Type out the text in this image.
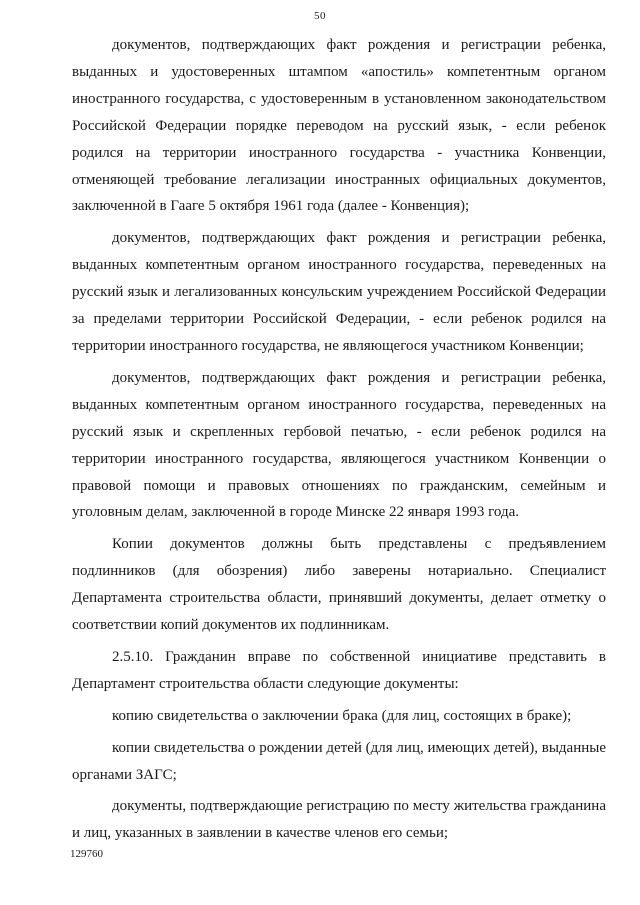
50

документов, подтверждающих факт рождения и регистрации ребенка, выданных и удостоверенных штампом «апостиль» компетентным органом иностранного государства, с удостоверенным в установленном законодательством Российской Федерации порядке переводом на русский язык, - если ребенок родился на территории иностранного государства - участника Конвенции, отменяющей требование легализации иностранных официальных документов, заключенной в Гааге 5 октября 1961 года (далее - Конвенция);

документов, подтверждающих факт рождения и регистрации ребенка, выданных компетентным органом иностранного государства, переведенных на русский язык и легализованных консульским учреждением Российской Федерации за пределами территории Российской Федерации, - если ребенок родился на территории иностранного государства, не являющегося участником Конвенции;

документов, подтверждающих факт рождения и регистрации ребенка, выданных компетентным органом иностранного государства, переведенных на русский язык и скрепленных гербовой печатью, - если ребенок родился на территории иностранного государства, являющегося участником Конвенции о правовой помощи и правовых отношениях по гражданским, семейным и уголовным делам, заключенной в городе Минске 22 января 1993 года.

Копии документов должны быть представлены с предъявлением подлинников (для обозрения) либо заверены нотариально. Специалист Департамента строительства области, принявший документы, делает отметку о соответствии копий документов их подлинникам.

2.5.10. Гражданин вправе по собственной инициативе представить в Департамент строительства области следующие документы:

копию свидетельства о заключении брака (для лиц, состоящих в браке);

копии свидетельства о рождении детей (для лиц, имеющих детей), выданные органами ЗАГС;

документы, подтверждающие регистрацию по месту жительства гражданина и лиц, указанных в заявлении в качестве членов его семьи;

129760
